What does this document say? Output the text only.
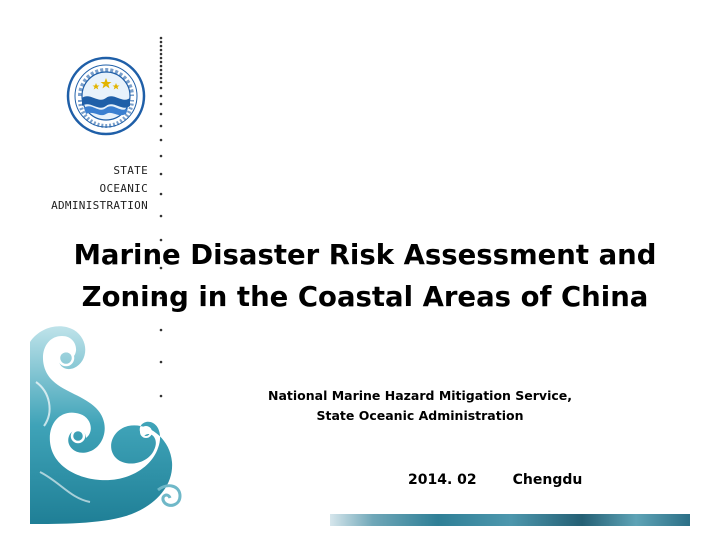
STATE
OCEANIC
ADMINISTRATION
Marine Disaster Risk Assessment and
Zoning in the Coastal Areas of China
National Marine Hazard Mitigation Service,
State Oceanic Administration
2014. 02	Chengdu
